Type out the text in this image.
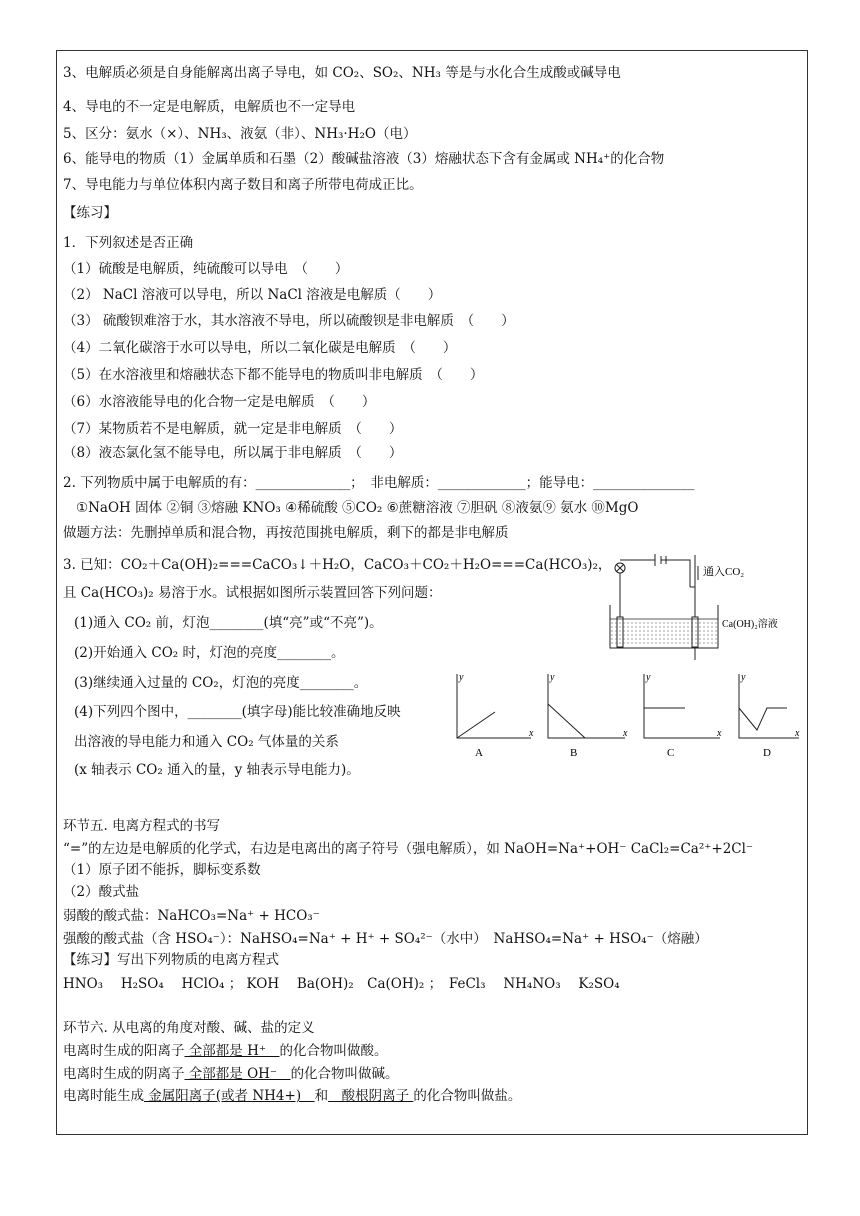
3、电解质必须是自身能解离出离子导电，如 CO₂、SO₂、NH₃ 等是与水化合生成酸或碱导电
4、导电的不一定是电解质，电解质也不一定导电
5、区分：氨水（×）、NH₃、液氨（非）、NH₃·H₂O（电）
6、能导电的物质（1）金属单质和石墨（2）酸碱盐溶液（3）熔融状态下含有金属或 NH₄⁺的化合物
7、导电能力与单位体积内离子数目和离子所带电荷成正比。
【练习】
1．下列叙述是否正确
（1）硫酸是电解质，纯硫酸可以导电　（　　）
（2） NaCl 溶液可以导电，所以 NaCl 溶液是电解质（　　）
（3） 硫酸钡难溶于水，其水溶液不导电，所以硫酸钡是非电解质　（　　）
（4）二氧化碳溶于水可以导电，所以二氧化碳是电解质　（　　）
（5）在水溶液里和熔融状态下都不能导电的物质叫非电解质　（　　）
（6）水溶液能导电的化合物一定是电解质　（　　）
（7）某物质若不是电解质，就一定是非电解质　（　　）
（8）液态氯化氢不能导电，所以属于非电解质　（　　）
2. 下列物质中属于电解质的有：______________；　非电解质：_____________；能导电：_______________
①NaOH 固体 ②铜 ③熔融 KNO₃ ④稀硫酸 ⑤CO₂ ⑥蔗糖溶液 ⑦胆矾 ⑧液氨⑨ 氨水 ⑩MgO
做题方法：先删掉单质和混合物，再按范围挑电解质，剩下的都是非电解质
3. 已知：CO₂＋Ca(OH)₂===CaCO₃↓＋H₂O，CaCO₃＋CO₂＋H₂O===Ca(HCO₃)₂，
且 Ca(HCO₃)₂ 易溶于水。试根据如图所示装置回答下列问题：
(1)通入 CO₂ 前，灯泡________(填“亮”或“不亮”)。
(2)开始通入 CO₂ 时，灯泡的亮度________。
(3)继续通入过量的 CO₂，灯泡的亮度________。
(4)下列四个图中，________(填字母)能比较准确地反映
出溶液的导电能力和通入 CO₂ 气体量的关系
(x 轴表示 CO₂ 通入的量，y 轴表示导电能力)。
通入CO₂
Ca(OH)₂溶液
y
x
y
x
y
x
y
x
A	B	C	D
环节五. 电离方程式的书写
“=”的左边是电解质的化学式，右边是电离出的离子符号（强电解质），如 NaOH=Na⁺+OH⁻ CaCl₂=Ca²⁺+2Cl⁻
（1）原子团不能拆，脚标变系数
（2）酸式盐
弱酸的酸式盐：NaHCO₃=Na⁺ + HCO₃⁻
强酸的酸式盐（含 HSO₄⁻）：NaHSO₄=Na⁺ + H⁺ + SO₄²⁻（水中）　NaHSO₄=Na⁺ + HSO₄⁻（熔融）
【练习】写出下列物质的电离方程式
HNO₃　 H₂SO₄　 HClO₄ ； KOH　 Ba(OH)₂　Ca(OH)₂ ；　FeCl₃　 NH₄NO₃　 K₂SO₄
环节六. 从电离的角度对酸、碱、盐的定义
电离时生成的阳离子 全部都是 H⁺　的化合物叫做酸。
电离时生成的阴离子 全部都是 OH⁻　的化合物叫做碱。
电离时能生成 金属阳离子(或者 NH4+)　和　酸根阴离子 的化合物叫做盐。
